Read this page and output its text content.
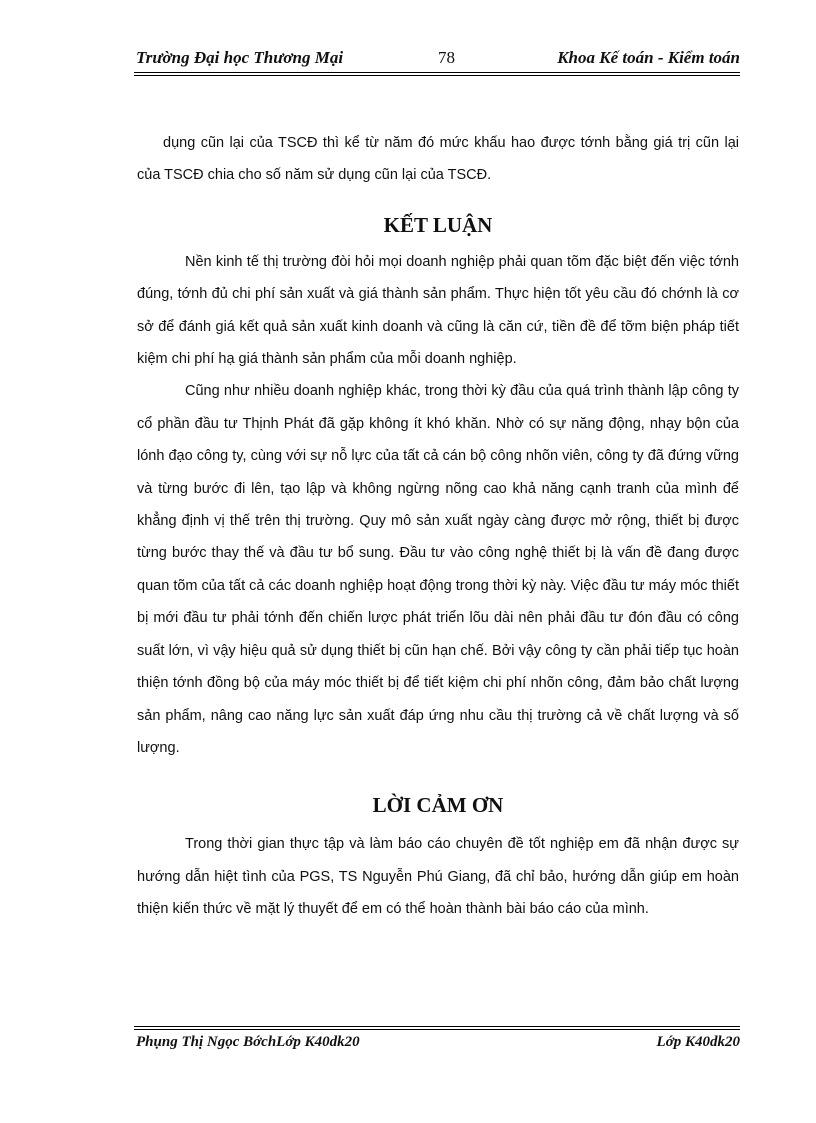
Trường Đại học Thương Mại	78	Khoa Kế toán - Kiểm toán

dụng cũn lại của TSCĐ thì kể từ năm đó mức khấu hao được tớnh bằng giá trị cũn lại của TSCĐ chia cho số năm sử dụng cũn lại của TSCĐ.

KẾT LUẬN

Nền kinh tế thị trường đòi hỏi mọi doanh nghiệp phải quan tõm đặc biệt đến việc tớnh đúng, tớnh đủ chi phí sản xuất và giá thành sản phẩm. Thực hiện tốt yêu cầu đó chớnh là cơ sở để đánh giá kết quả sản xuất kinh doanh và cũng là căn cứ, tiền đề để tỡm biện pháp tiết kiệm chi phí hạ giá thành sản phẩm của mỗi doanh nghiệp.

Cũng như nhiều doanh nghiệp khác, trong thời kỳ đầu của quá trình thành lập công ty cổ phần đầu tư Thịnh Phát đã gặp không ít khó khăn. Nhờ có sự năng động, nhạy bộn của lónh đạo công ty, cùng với sự nỗ lực của tất cả cán bộ công nhõn viên, công ty đã đứng vững và từng bước đi lên, tạo lập và không ngừng nõng cao khả năng cạnh tranh của mình để khẳng định vị thế trên thị trường. Quy mô sản xuất ngày càng được mở rộng, thiết bị được từng bước thay thế và đầu tư bổ sung. Đầu tư vào công nghệ thiết bị là vấn đề đang được quan tõm của tất cả các doanh nghiệp hoạt động trong thời kỳ này. Việc đầu tư máy móc thiết bị mới đầu tư phải tớnh đến chiến lược phát triển lõu dài nên phải đầu tư đón đầu có công suất lớn, vì vậy hiệu quả sử dụng thiết bị cũn hạn chế. Bởi vậy công ty cần phải tiếp tục hoàn thiện tớnh đồng bộ của máy móc thiết bị để tiết kiệm chi phí nhõn công, đảm bảo chất lượng sản phẩm, nâng cao năng lực sản xuất đáp ứng nhu cầu thị trường cả về chất lượng và số lượng.

LỜI CẢM ƠN

Trong thời gian thực tập và làm báo cáo chuyên đề tốt nghiệp em đã nhận được sự hướng dẫn hiệt tình của PGS, TS Nguyễn Phú Giang, đã chỉ bảo, hướng dẫn giúp em hoàn thiện kiến thức về mặt lý thuyết để em có thể hoàn thành bài báo cáo của mình.

Phụng Thị Ngọc BớchLớp K40dk20	Lớp K40dk20
